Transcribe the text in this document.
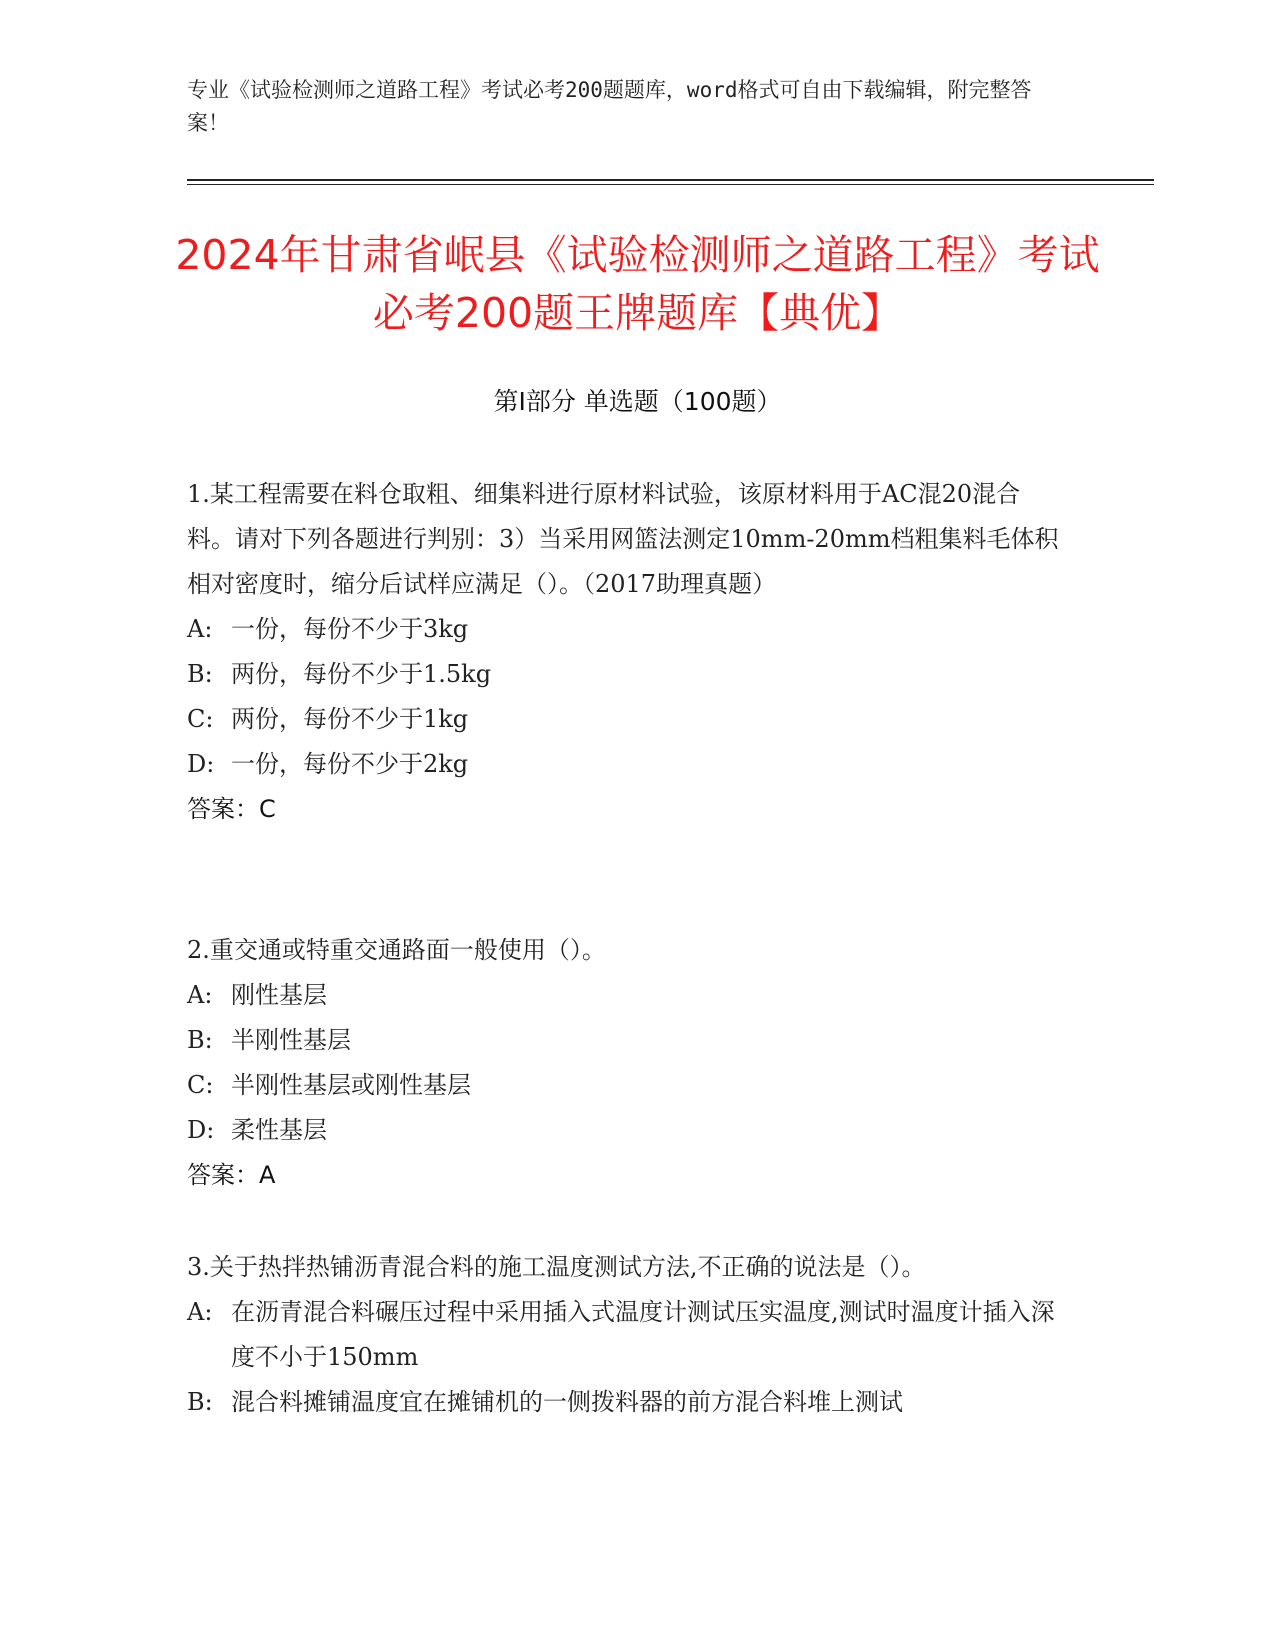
专业《试验检测师之道路工程》考试必考200题题库，word格式可自由下载编辑，附完整答案！
2024年甘肃省岷县《试验检测师之道路工程》考试必考200题王牌题库【典优】
第Ⅰ部分 单选题（100题）

1.某工程需要在料仓取粗、细集料进行原材料试验，该原材料用于AC混20混合料。请对下列各题进行判别：3）当采用网篮法测定10mm-20mm档粗集料毛体积相对密度时，缩分后试样应满足（）。（2017助理真题）

A: 一份，每份不少于3kg
B: 两份，每份不少于1.5kg
C: 两份，每份不少于1kg
D: 一份，每份不少于2kg

答案：C

2.重交通或特重交通路面一般使用（）。

A: 刚性基层
B: 半刚性基层
C: 半刚性基层或刚性基层
D: 柔性基层

答案：A

3.关于热拌热铺沥青混合料的施工温度测试方法,不正确的说法是（）。

A: 在沥青混合料碾压过程中采用插入式温度计测试压实温度,测试时温度计插入深度不小于150mm
B: 混合料摊铺温度宜在摊铺机的一侧拨料器的前方混合料堆上测试
